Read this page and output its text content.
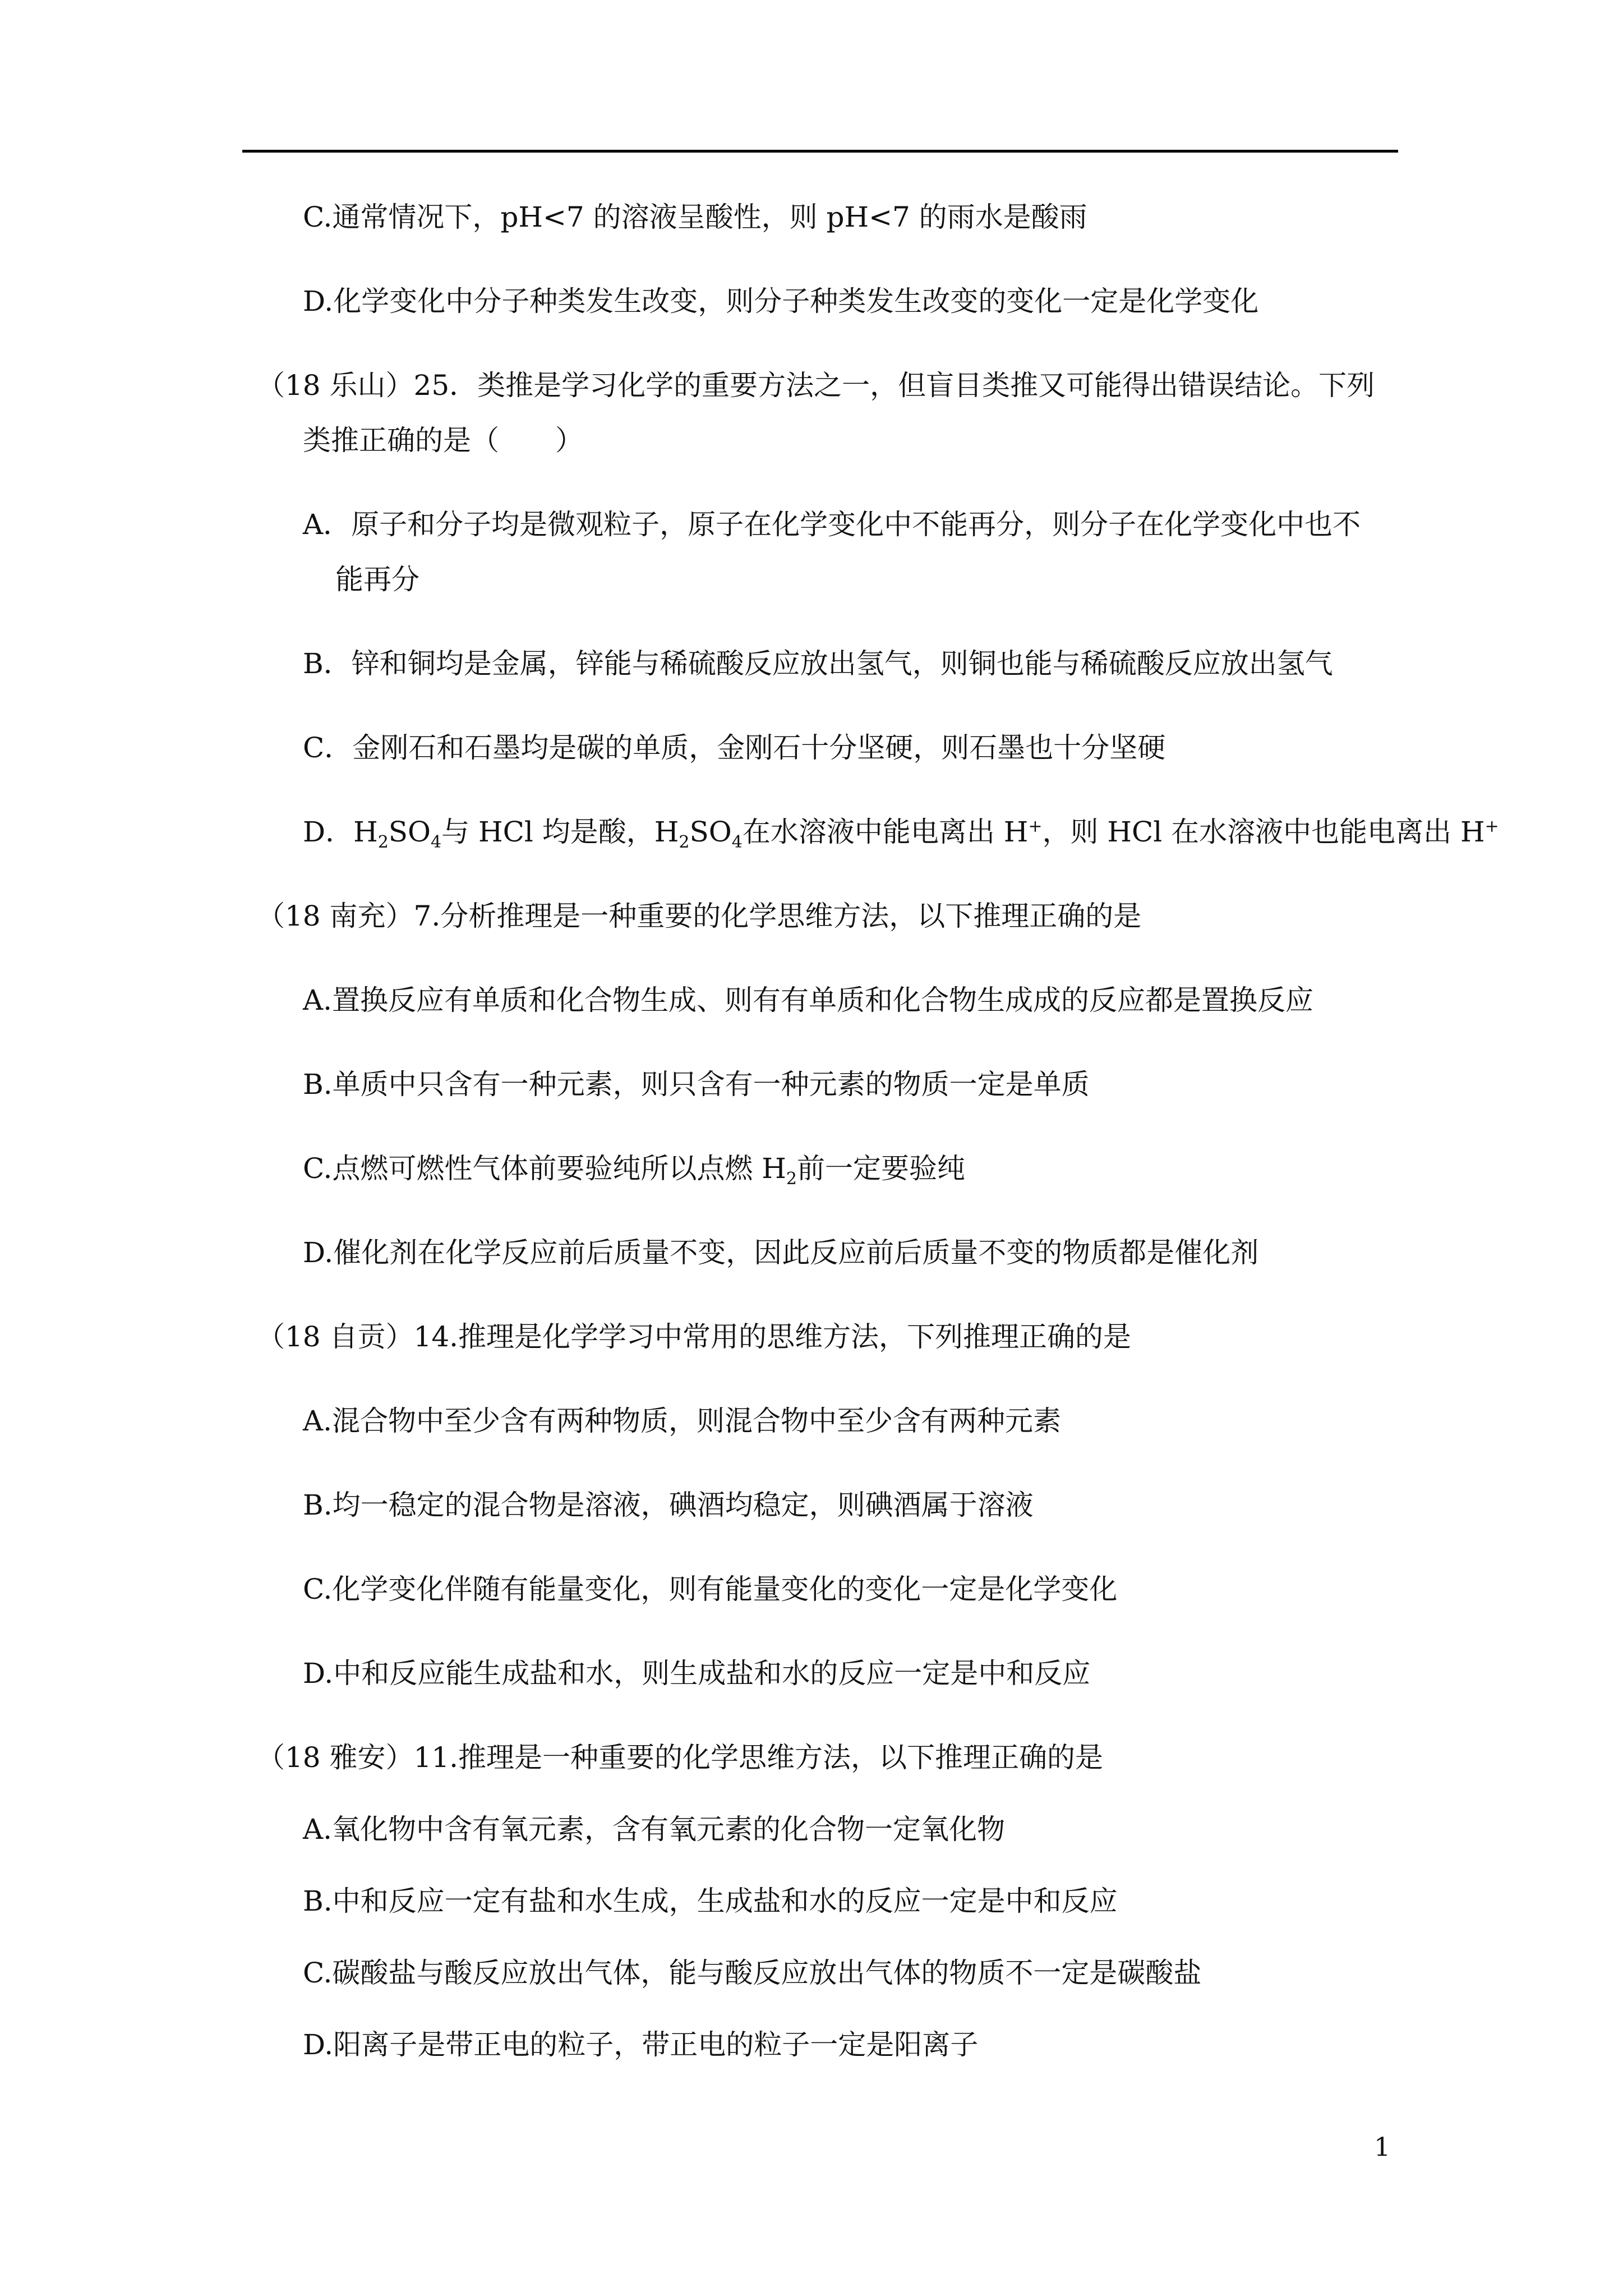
C.通常情况下，pH<7 的溶液呈酸性，则 pH<7 的雨水是酸雨
D.化学变化中分子种类发生改变，则分子种类发生改变的变化一定是化学变化
（18 乐山）25．类推是学习化学的重要方法之一，但盲目类推又可能得出错误结论。下列
类推正确的是（　　）
A．原子和分子均是微观粒子，原子在化学变化中不能再分，则分子在化学变化中也不
能再分
B．锌和铜均是金属，锌能与稀硫酸反应放出氢气，则铜也能与稀硫酸反应放出氢气
C．金刚石和石墨均是碳的单质，金刚石十分坚硬，则石墨也十分坚硬
D．$H_2SO_4$与 HCl 均是酸，$H_2SO_4$在水溶液中能电离出 H+，则 HCl 在水溶液中也能电离出 H+
（18 南充）7.分析推理是一种重要的化学思维方法，以下推理正确的是
A.置换反应有单质和化合物生成、则有有单质和化合物生成成的反应都是置换反应
B.单质中只含有一种元素，则只含有一种元素的物质一定是单质
C.点燃可燃性气体前要验纯所以点燃 $H_2$前一定要验纯
D.催化剂在化学反应前后质量不变，因此反应前后质量不变的物质都是催化剂
（18 自贡）14.推理是化学学习中常用的思维方法，下列推理正确的是
A.混合物中至少含有两种物质，则混合物中至少含有两种元素
B.均一稳定的混合物是溶液，碘酒均稳定，则碘酒属于溶液
C.化学变化伴随有能量变化，则有能量变化的变化一定是化学变化
D.中和反应能生成盐和水，则生成盐和水的反应一定是中和反应
（18 雅安）11.推理是一种重要的化学思维方法，以下推理正确的是
A.氧化物中含有氧元素，含有氧元素的化合物一定氧化物
B.中和反应一定有盐和水生成，生成盐和水的反应一定是中和反应
C.碳酸盐与酸反应放出气体，能与酸反应放出气体的物质不一定是碳酸盐
D.阳离子是带正电的粒子，带正电的粒子一定是阳离子
1
